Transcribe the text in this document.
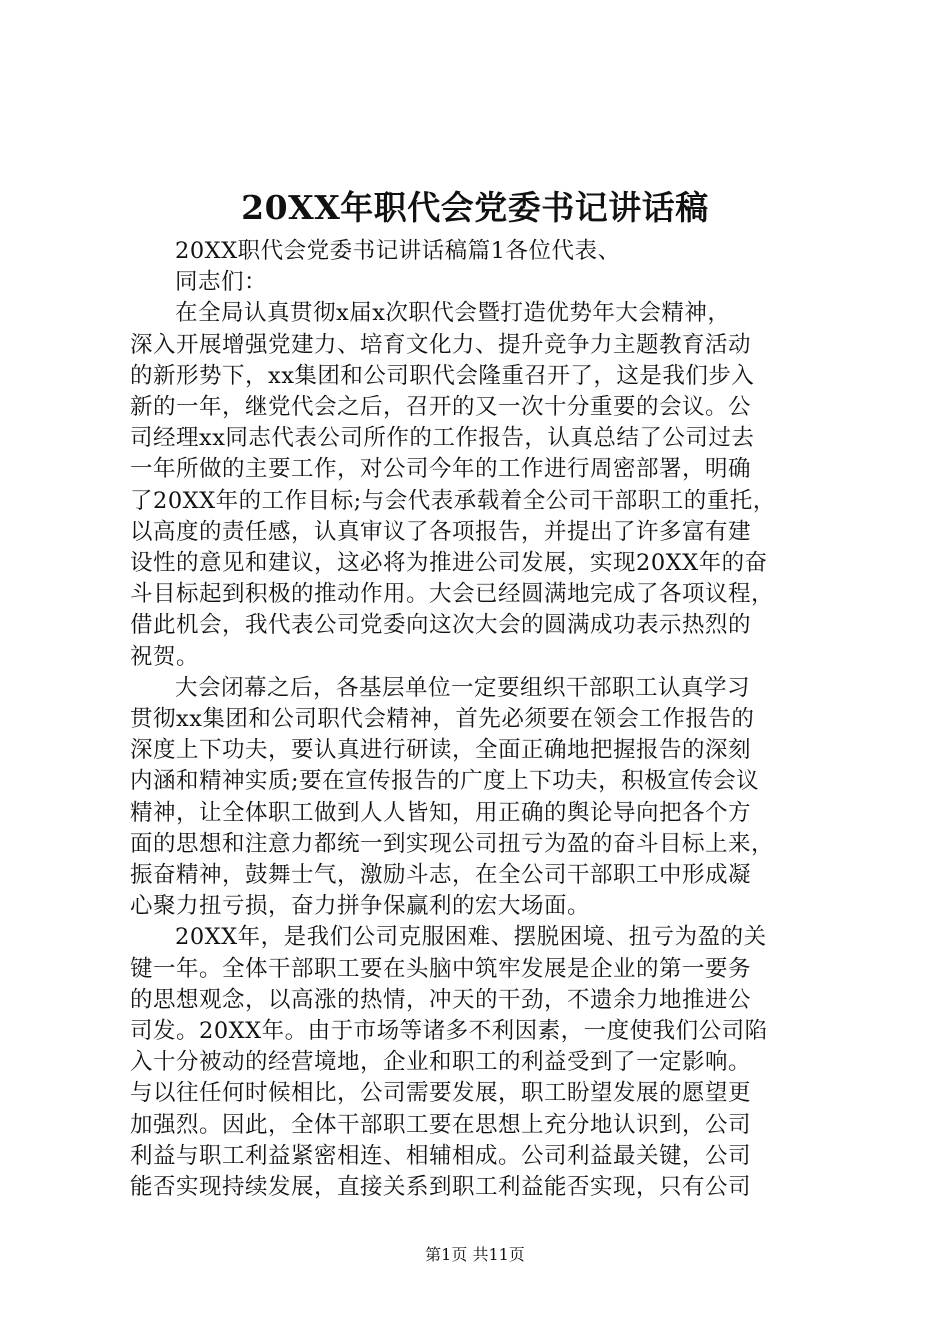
20XX年职代会党委书记讲话稿
20XX职代会党委书记讲话稿篇1各位代表、
同志们：
在全局认真贯彻x届x次职代会暨打造优势年大会精神，
深入开展增强党建力、培育文化力、提升竞争力主题教育活动
的新形势下，xx集团和公司职代会隆重召开了，这是我们步入
新的一年，继党代会之后，召开的又一次十分重要的会议。公
司经理xx同志代表公司所作的工作报告，认真总结了公司过去
一年所做的主要工作，对公司今年的工作进行周密部署，明确
了20XX年的工作目标;与会代表承载着全公司干部职工的重托，
以高度的责任感，认真审议了各项报告，并提出了许多富有建
设性的意见和建议，这必将为推进公司发展，实现20XX年的奋
斗目标起到积极的推动作用。大会已经圆满地完成了各项议程，
借此机会，我代表公司党委向这次大会的圆满成功表示热烈的
祝贺。
大会闭幕之后，各基层单位一定要组织干部职工认真学习
贯彻xx集团和公司职代会精神，首先必须要在领会工作报告的
深度上下功夫，要认真进行研读，全面正确地把握报告的深刻
内涵和精神实质;要在宣传报告的广度上下功夫，积极宣传会议
精神，让全体职工做到人人皆知，用正确的舆论导向把各个方
面的思想和注意力都统一到实现公司扭亏为盈的奋斗目标上来，
振奋精神，鼓舞士气，激励斗志，在全公司干部职工中形成凝
心聚力扭亏损，奋力拼争保赢利的宏大场面。
20XX年，是我们公司克服困难、摆脱困境、扭亏为盈的关
键一年。全体干部职工要在头脑中筑牢发展是企业的第一要务
的思想观念，以高涨的热情，冲天的干劲，不遗余力地推进公
司发。20XX年。由于市场等诸多不利因素，一度使我们公司陷
入十分被动的经营境地，企业和职工的利益受到了一定影响。
与以往任何时候相比，公司需要发展，职工盼望发展的愿望更
加强烈。因此，全体干部职工要在思想上充分地认识到，公司
利益与职工利益紧密相连、相辅相成。公司利益最关键，公司
能否实现持续发展，直接关系到职工利益能否实现，只有公司
第1页 共11页
